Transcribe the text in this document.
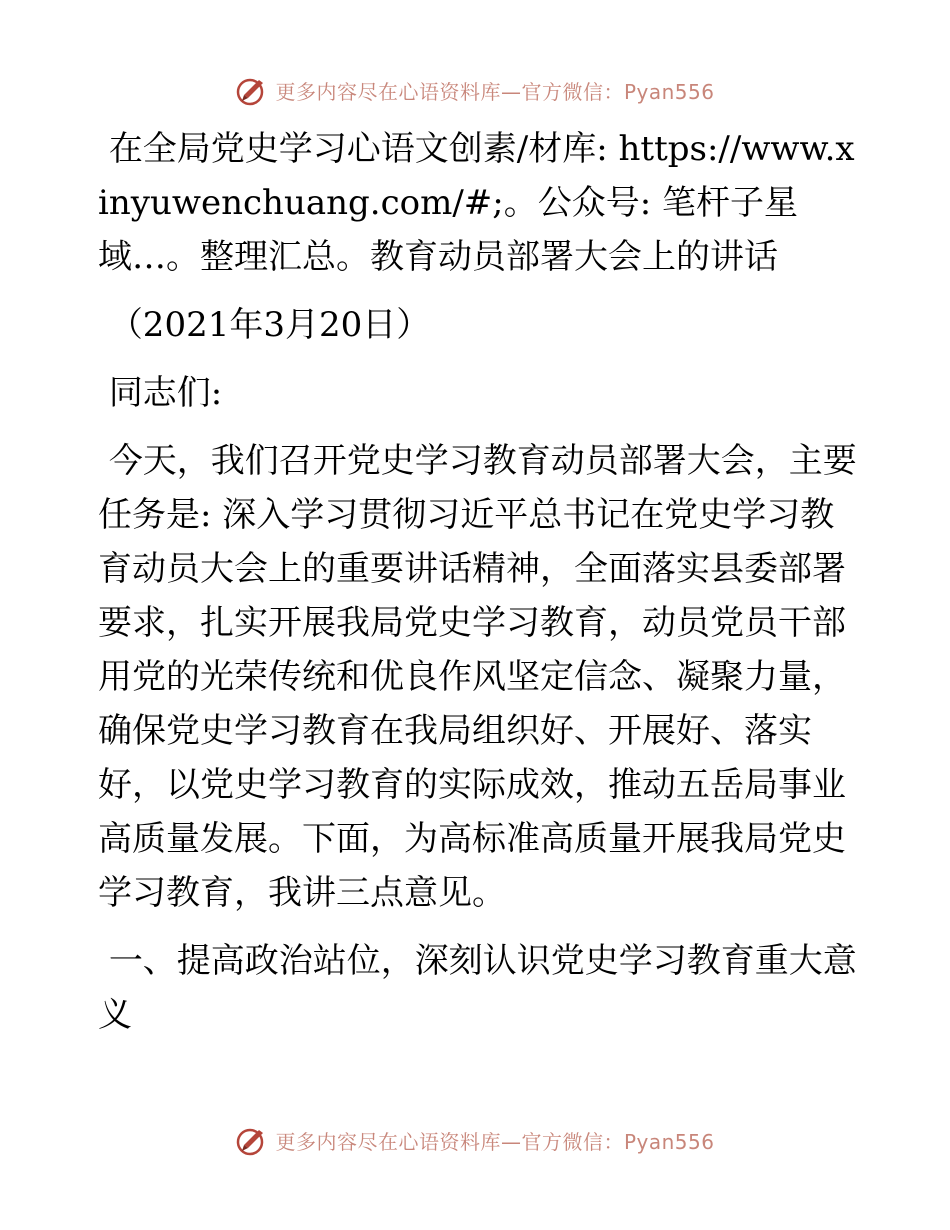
更多内容尽在心语资料库—官方微信：Pyan556

在全局党史学习心语文创素/材库: https://www.xinyuwenchuang.com/#;。公众号: 笔杆子星域…。整理汇总。教育动员部署大会上的讲话

（2021年3月20日）

同志们:

今天，我们召开党史学习教育动员部署大会，主要任务是: 深入学习贯彻习近平总书记在党史学习教育动员大会上的重要讲话精神，全面落实县委部署要求，扎实开展我局党史学习教育，动员党员干部用党的光荣传统和优良作风坚定信念、凝聚力量，确保党史学习教育在我局组织好、开展好、落实好，以党史学习教育的实际成效，推动五岳局事业高质量发展。下面，为高标准高质量开展我局党史学习教育，我讲三点意见。

一、提高政治站位，深刻认识党史学习教育重大意义

更多内容尽在心语资料库—官方微信：Pyan556
